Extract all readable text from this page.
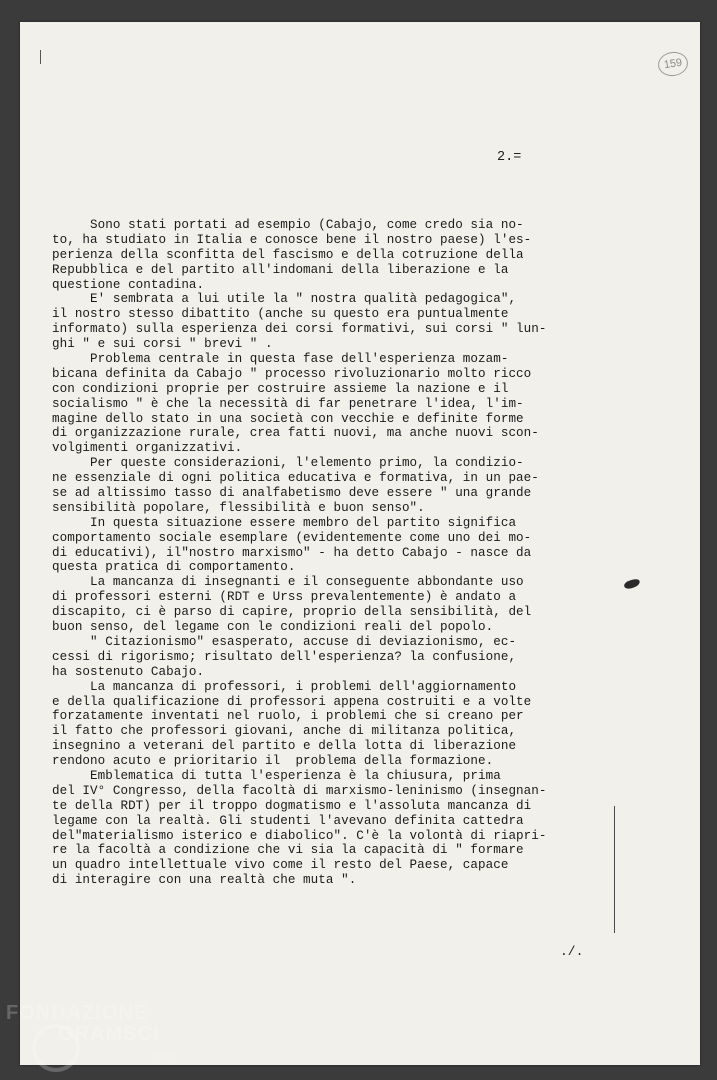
159
2.=
Sono stati portati ad esempio (Cabajo, come credo sia no-
to, ha studiato in Italia e conosce bene il nostro paese) l'es-
perienza della sconfitta del fascismo e della cotruzione della
Repubblica e del partito all'indomani della liberazione e la
questione contadina.
E' sembrata a lui utile la " nostra qualità pedagogica",
il nostro stesso dibattito (anche su questo era puntualmente
informato) sulla esperienza dei corsi formativi, sui corsi " lun-
ghi " e sui corsi " brevi " .
Problema centrale in questa fase dell'esperienza mozam-
bicana definita da Cabajo " processo rivoluzionario molto ricco
con condizioni proprie per costruire assieme la nazione e il
socialismo " è che la necessità di far penetrare l'idea, l'im-
magine dello stato in una società con vecchie e definite forme
di organizzazione rurale, crea fatti nuovi, ma anche nuovi scon-
volgimenti organizzativi.
Per queste considerazioni, l'elemento primo, la condizio-
ne essenziale di ogni politica educativa e formativa, in un pae-
se ad altissimo tasso di analfabetismo deve essere " una grande
sensibilità popolare, flessibilità e buon senso".
In questa situazione essere membro del partito significa
comportamento sociale esemplare (evidentemente come uno dei mo-
di educativi), il"nostro marxismo" - ha detto Cabajo - nasce da
questa pratica di comportamento.
La mancanza di insegnanti e il conseguente abbondante uso
di professori esterni (RDT e Urss prevalentemente) è andato a
discapito, ci è parso di capire, proprio della sensibilità, del
buon senso, del legame con le condizioni reali del popolo.
" Citazionismo" esasperato, accuse di deviazionismo, ec-
cessi di rigorismo; risultato dell'esperienza? la confusione,
ha sostenuto Cabajo.
La mancanza di professori, i problemi dell'aggiornamento
e della qualificazione di professori appena costruiti e a volte
forzatamente inventati nel ruolo, i problemi che si creano per
il fatto che professori giovani, anche di militanza politica,
insegnino a veterani del partito e della lotta di liberazione
rendono acuto e prioritario il  problema della formazione.
Emblematica di tutta l'esperienza è la chiusura, prima
del IV° Congresso, della facoltà di marxismo-leninismo (insegnan-
te della RDT) per il troppo dogmatismo e l'assoluta mancanza di
legame con la realtà. Gli studenti l'avevano definita cattedra
del"materialismo isterico e diabolico". C'è la volontà di riapri-
re la facoltà a condizione che vi sia la capacità di " formare
un quadro intellettuale vivo come il resto del Paese, capace
di interagire con una realtà che muta ".
./.
FONDAZIONE
GRAMSCI
onlus
